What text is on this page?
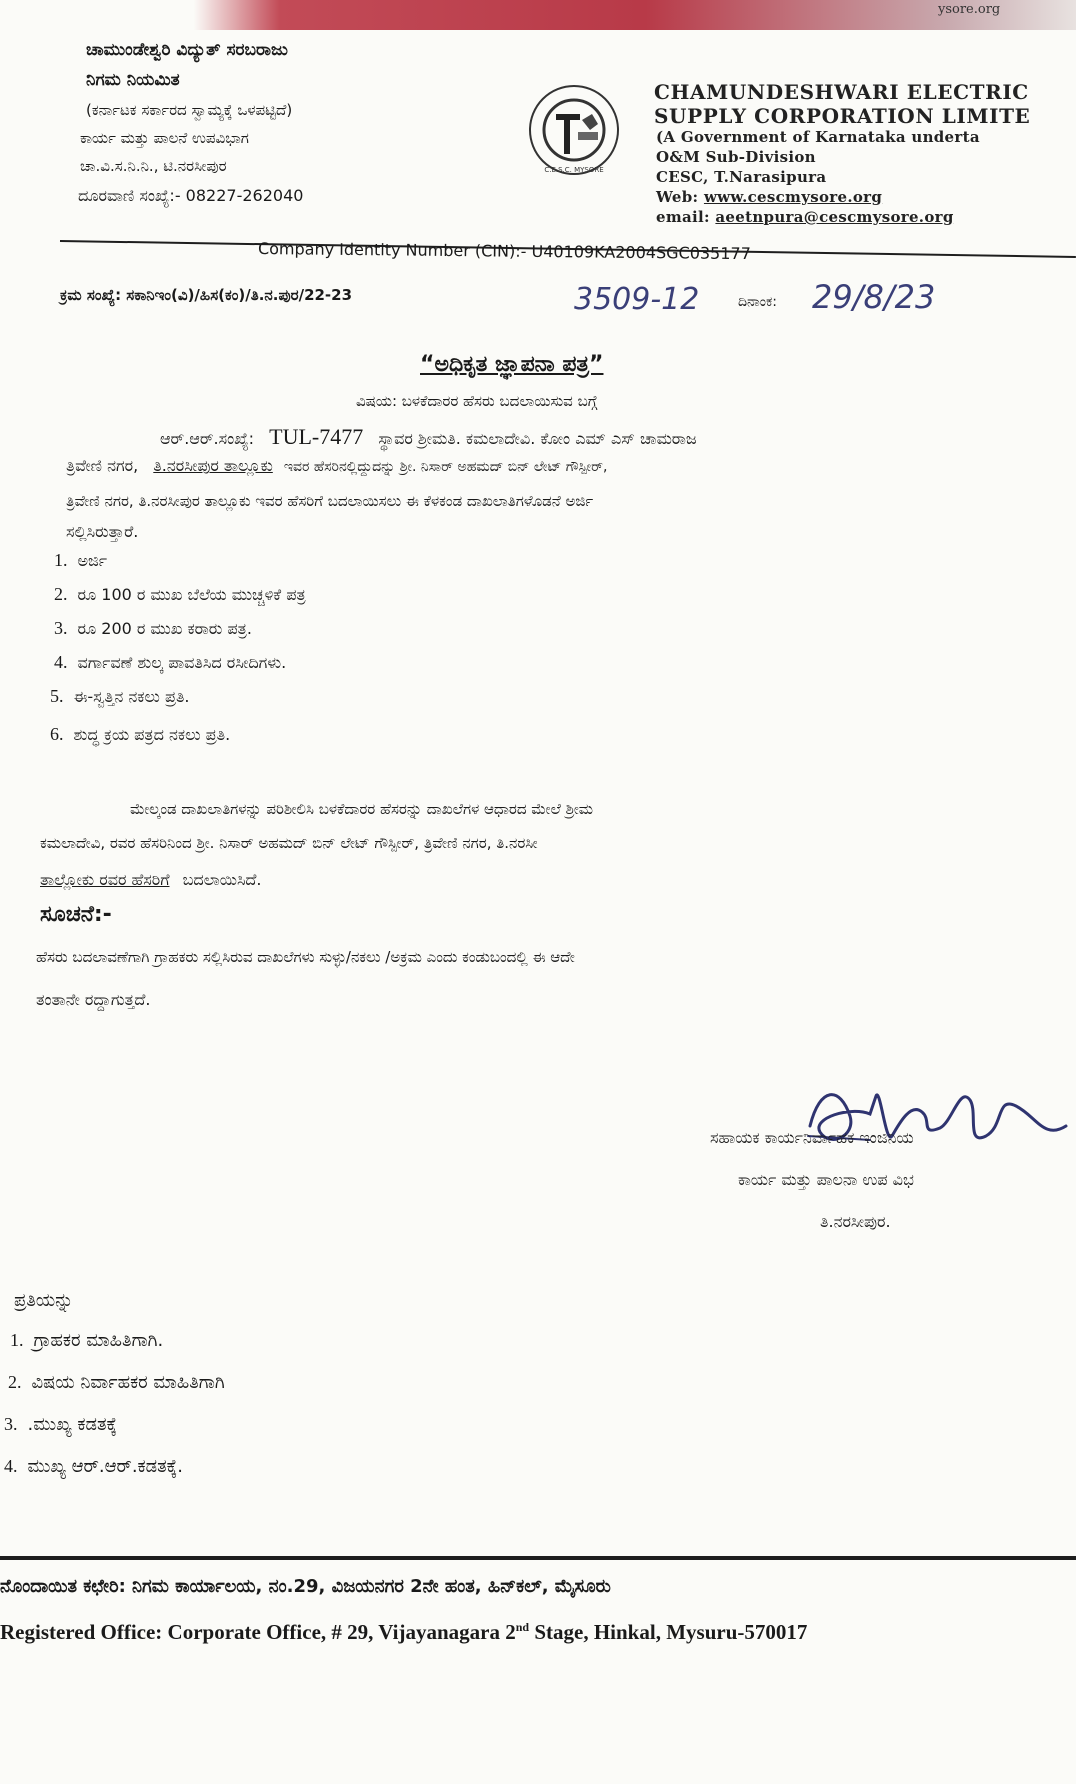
ysore.org
ಚಾಮುಂಡೇಶ್ವರಿ ವಿದ್ಯುತ್ ಸರಬರಾಜು
ನಿಗಮ ನಿಯಮಿತ
(ಕರ್ನಾಟಕ ಸರ್ಕಾರದ ಸ್ವಾಮ್ಯಕ್ಕೆ ಒಳಪಟ್ಟಿದೆ)
ಕಾರ್ಯ ಮತ್ತು ಪಾಲನೆ ಉಪವಿಭಾಗ
ಚಾ.ವಿ.ಸ.ನಿ.ನಿ., ಟಿ.ನರಸೀಪುರ
ದೂರವಾಣಿ ಸಂಖ್ಯೆ:- 08227-262040
C.E.S.C. MYSORE
CHAMUNDESHWARI ELECTRIC
SUPPLY CORPORATION LIMITE
(A Government of Karnataka underta
O&M Sub-Division
CESC, T.Narasipura
Web: www.cescmysore.org
email: aeetnpura@cescmysore.org
Company Identity Number (CIN):- U40109KA2004SGC035177
ಕ್ರಮ ಸಂಖ್ಯೆ: ಸಕಾನಿಇಂ(ವಿ)/ಹಿಸ(ಕಂ)/ತಿ.ನ.ಪುರ/22-23	3509-12	ದಿನಾಂಕ: 29/8/23
“ಅಧಿಕೃತ ಜ್ಞಾಪನಾ ಪತ್ರ”
ವಿಷಯ: ಬಳಕೆದಾರರ ಹೆಸರು ಬದಲಾಯಿಸುವ ಬಗ್ಗೆ
ಆರ್.ಆರ್.ಸಂಖ್ಯೆ: TUL-7477 ಸ್ಥಾವರ ಶ್ರೀಮತಿ. ಕಮಲಾದೇವಿ. ಕೋಂ ಎಮ್ ಎಸ್ ಚಾಮರಾಜ
ತ್ರಿವೇಣಿ ನಗರ, ತಿ.ನರಸೀಪುರ ತಾಲ್ಲೂಕು ಇವರ ಹೆಸರಿನಲ್ಲಿದ್ದುದನ್ನು ಶ್ರೀ. ನಿಸಾರ್ ಅಹಮದ್ ಬಿನ್ ಲೇಟ್ ಗೌಸ್ಪೀರ್,
ತ್ರಿವೇಣಿ ನಗರ, ತಿ.ನರಸೀಪುರ ತಾಲ್ಲೂಕು ಇವರ ಹೆಸರಿಗೆ ಬದಲಾಯಿಸಲು ಈ ಕೆಳಕಂಡ ದಾಖಲಾತಿಗಳೊಡನೆ ಅರ್ಜಿ
ಸಲ್ಲಿಸಿರುತ್ತಾರೆ.
1. ಅರ್ಜಿ
2. ರೂ 100 ರ ಮುಖ ಬೆಲೆಯ ಮುಚ್ಚಳಿಕೆ ಪತ್ರ
3. ರೂ 200 ರ ಮುಖ ಕರಾರು ಪತ್ರ.
4. ವರ್ಗಾವಣೆ ಶುಲ್ಕ ಪಾವತಿಸಿದ ರಸೀದಿಗಳು.
5. ಈ-ಸ್ವತ್ತಿನ ನಕಲು ಪ್ರತಿ.
6. ಶುದ್ಧ ಕ್ರಯ ಪತ್ರದ ನಕಲು ಪ್ರತಿ.
ಮೇಲ್ಕಂಡ ದಾಖಲಾತಿಗಳನ್ನು ಪರಿಶೀಲಿಸಿ ಬಳಕೆದಾರರ ಹೆಸರನ್ನು ದಾಖಲೆಗಳ ಆಧಾರದ ಮೇಲೆ ಶ್ರೀಮ
ಕಮಲಾದೇವಿ, ರವರ ಹೆಸರಿನಿಂದ ಶ್ರೀ. ನಿಸಾರ್ ಅಹಮದ್ ಬಿನ್ ಲೇಟ್ ಗೌಸ್ಪೀರ್, ತ್ರಿವೇಣಿ ನಗರ, ತಿ.ನರಸೀ
ತಾಲ್ಲೋಕು ರವರ ಹೆಸರಿಗೆ ಬದಲಾಯಿಸಿದೆ.
ಸೂಚನೆ:-
ಹೆಸರು ಬದಲಾವಣೆಗಾಗಿ ಗ್ರಾಹಕರು ಸಲ್ಲಿಸಿರುವ ದಾಖಲೆಗಳು ಸುಳ್ಳು/ನಕಲು /ಅಕ್ರಮ ಎಂದು ಕಂಡುಬಂದಲ್ಲಿ ಈ ಆದೇ
ತಂತಾನೇ ರದ್ದಾಗುತ್ತದೆ.
ಸಹಾಯಕ ಕಾರ್ಯನಿರ್ವಾಹಕ ಇಂಜಿನಿಯ
ಕಾರ್ಯ ಮತ್ತು ಪಾಲನಾ ಉಪ ವಿಭ
ತಿ.ನರಸೀಪುರ.
ಪ್ರತಿಯನ್ನು
1. ಗ್ರಾಹಕರ ಮಾಹಿತಿಗಾಗಿ.
2. ವಿಷಯ ನಿರ್ವಾಹಕರ ಮಾಹಿತಿಗಾಗಿ
3. .ಮುಖ್ಯ ಕಡತಕ್ಕೆ
4. ಮುಖ್ಯ ಆರ್.ಆರ್.ಕಡತಕ್ಕೆ.
ನೊಂದಾಯಿತ ಕಛೇರಿ: ನಿಗಮ ಕಾರ್ಯಾಲಯ, ನಂ.29, ವಿಜಯನಗರ 2ನೇ ಹಂತ, ಹಿನ್‌ಕಲ್, ಮೈಸೂರು
Registered Office: Corporate Office, # 29, Vijayanagara 2nd Stage, Hinkal, Mysuru-570017
